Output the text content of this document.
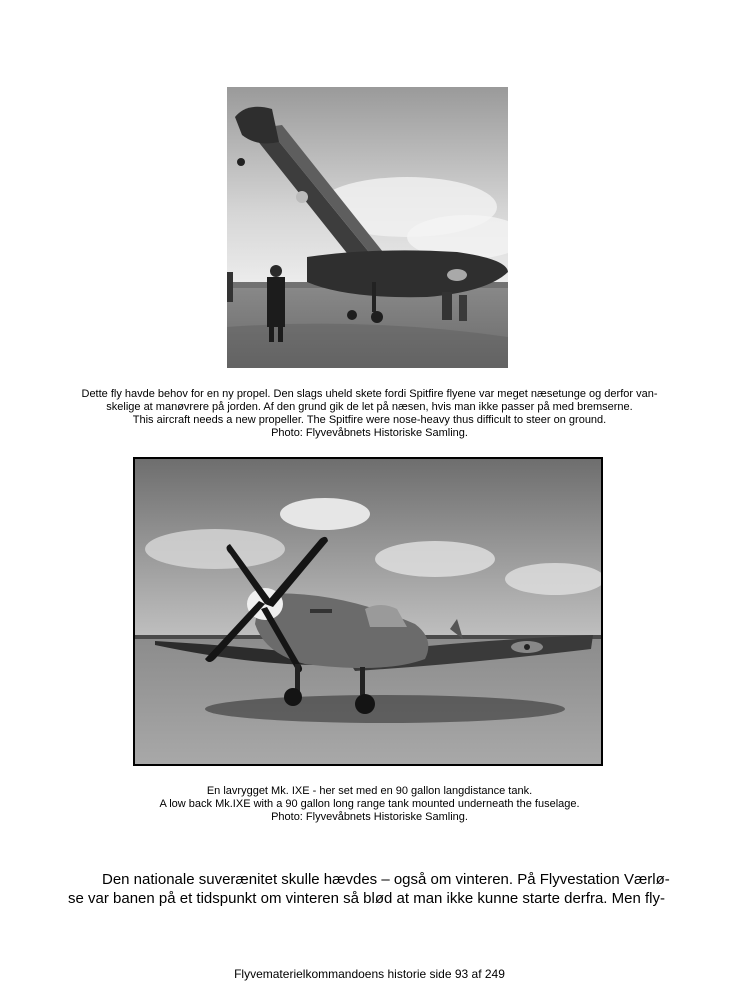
Dette fly havde behov for en ny propel. Den slags uheld skete fordi Spitfire flyene var meget næsetunge og derfor van-
skelige at manøvrere på jorden. Af den grund gik de let på næsen, hvis man ikke passer på med bremserne.
This aircraft needs a new propeller. The Spitfire were nose-heavy thus difficult to steer on ground.
Photo: Flyvevåbnets Historiske Samling.
En lavrygget Mk. IXE - her set med en 90 gallon langdistance tank.
A low back Mk.IXE with a 90 gallon long range tank mounted underneath the fuselage.
Photo: Flyvevåbnets Historiske Samling.
Den nationale suverænitet skulle hævdes – også om vinteren. På Flyvestation Værlø-
se var banen på et tidspunkt om vinteren så blød at man ikke kunne starte derfra. Men fly-
Flyvematerielkommandoens historie side 93 af 249
